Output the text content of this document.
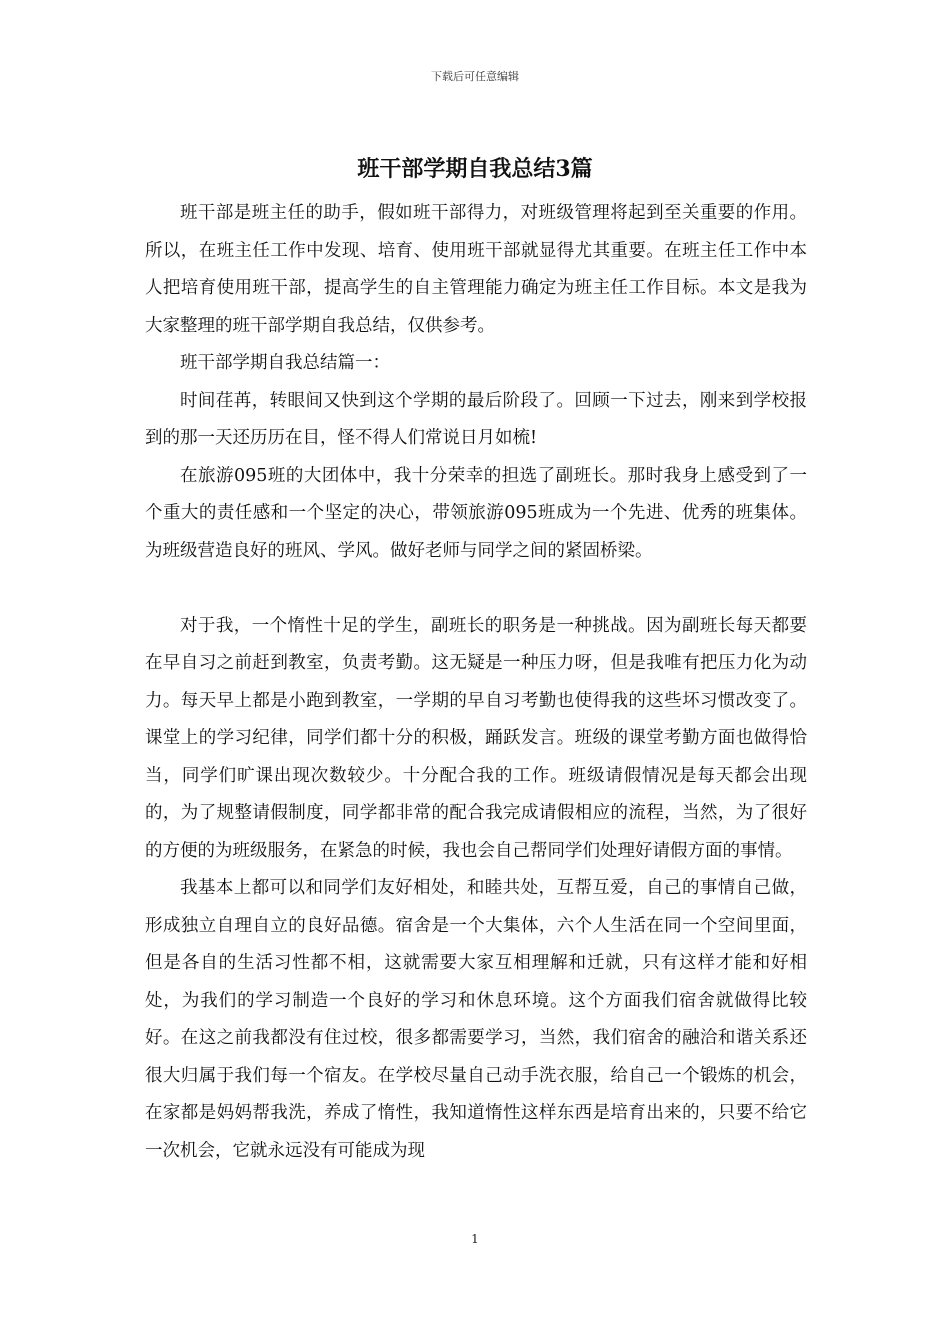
下载后可任意编辑
班干部学期自我总结3篇

班干部是班主任的助手，假如班干部得力，对班级管理将起到至关重要的作用。所以，在班主任工作中发现、培育、使用班干部就显得尤其重要。在班主任工作中本人把培育使用班干部，提高学生的自主管理能力确定为班主任工作目标。本文是我为大家整理的班干部学期自我总结，仅供参考。

班干部学期自我总结篇一：

时间荏苒，转眼间又快到这个学期的最后阶段了。回顾一下过去，刚来到学校报到的那一天还历历在目，怪不得人们常说日月如梳!

在旅游095班的大团体中，我十分荣幸的担选了副班长。那时我身上感受到了一个重大的责任感和一个坚定的决心，带领旅游095班成为一个先进、优秀的班集体。为班级营造良好的班风、学风。做好老师与同学之间的紧固桥梁。

对于我，一个惰性十足的学生，副班长的职务是一种挑战。因为副班长每天都要在早自习之前赶到教室，负责考勤。这无疑是一种压力呀，但是我唯有把压力化为动力。每天早上都是小跑到教室，一学期的早自习考勤也使得我的这些坏习惯改变了。课堂上的学习纪律，同学们都十分的积极，踊跃发言。班级的课堂考勤方面也做得恰当，同学们旷课出现次数较少。十分配合我的工作。班级请假情况是每天都会出现的，为了规整请假制度，同学都非常的配合我完成请假相应的流程，当然，为了很好的方便的为班级服务，在紧急的时候，我也会自己帮同学们处理好请假方面的事情。

我基本上都可以和同学们友好相处，和睦共处，互帮互爱，自己的事情自己做，形成独立自理自立的良好品德。宿舍是一个大集体，六个人生活在同一个空间里面，但是各自的生活习性都不相，这就需要大家互相理解和迁就，只有这样才能和好相处，为我们的学习制造一个良好的学习和休息环境。这个方面我们宿舍就做得比较好。在这之前我都没有住过校，很多都需要学习，当然，我们宿舍的融洽和谐关系还很大归属于我们每一个宿友。在学校尽量自己动手洗衣服，给自己一个锻炼的机会，在家都是妈妈帮我洗，养成了惰性，我知道惰性这样东西是培育出来的，只要不给它一次机会，它就永远没有可能成为现

1
